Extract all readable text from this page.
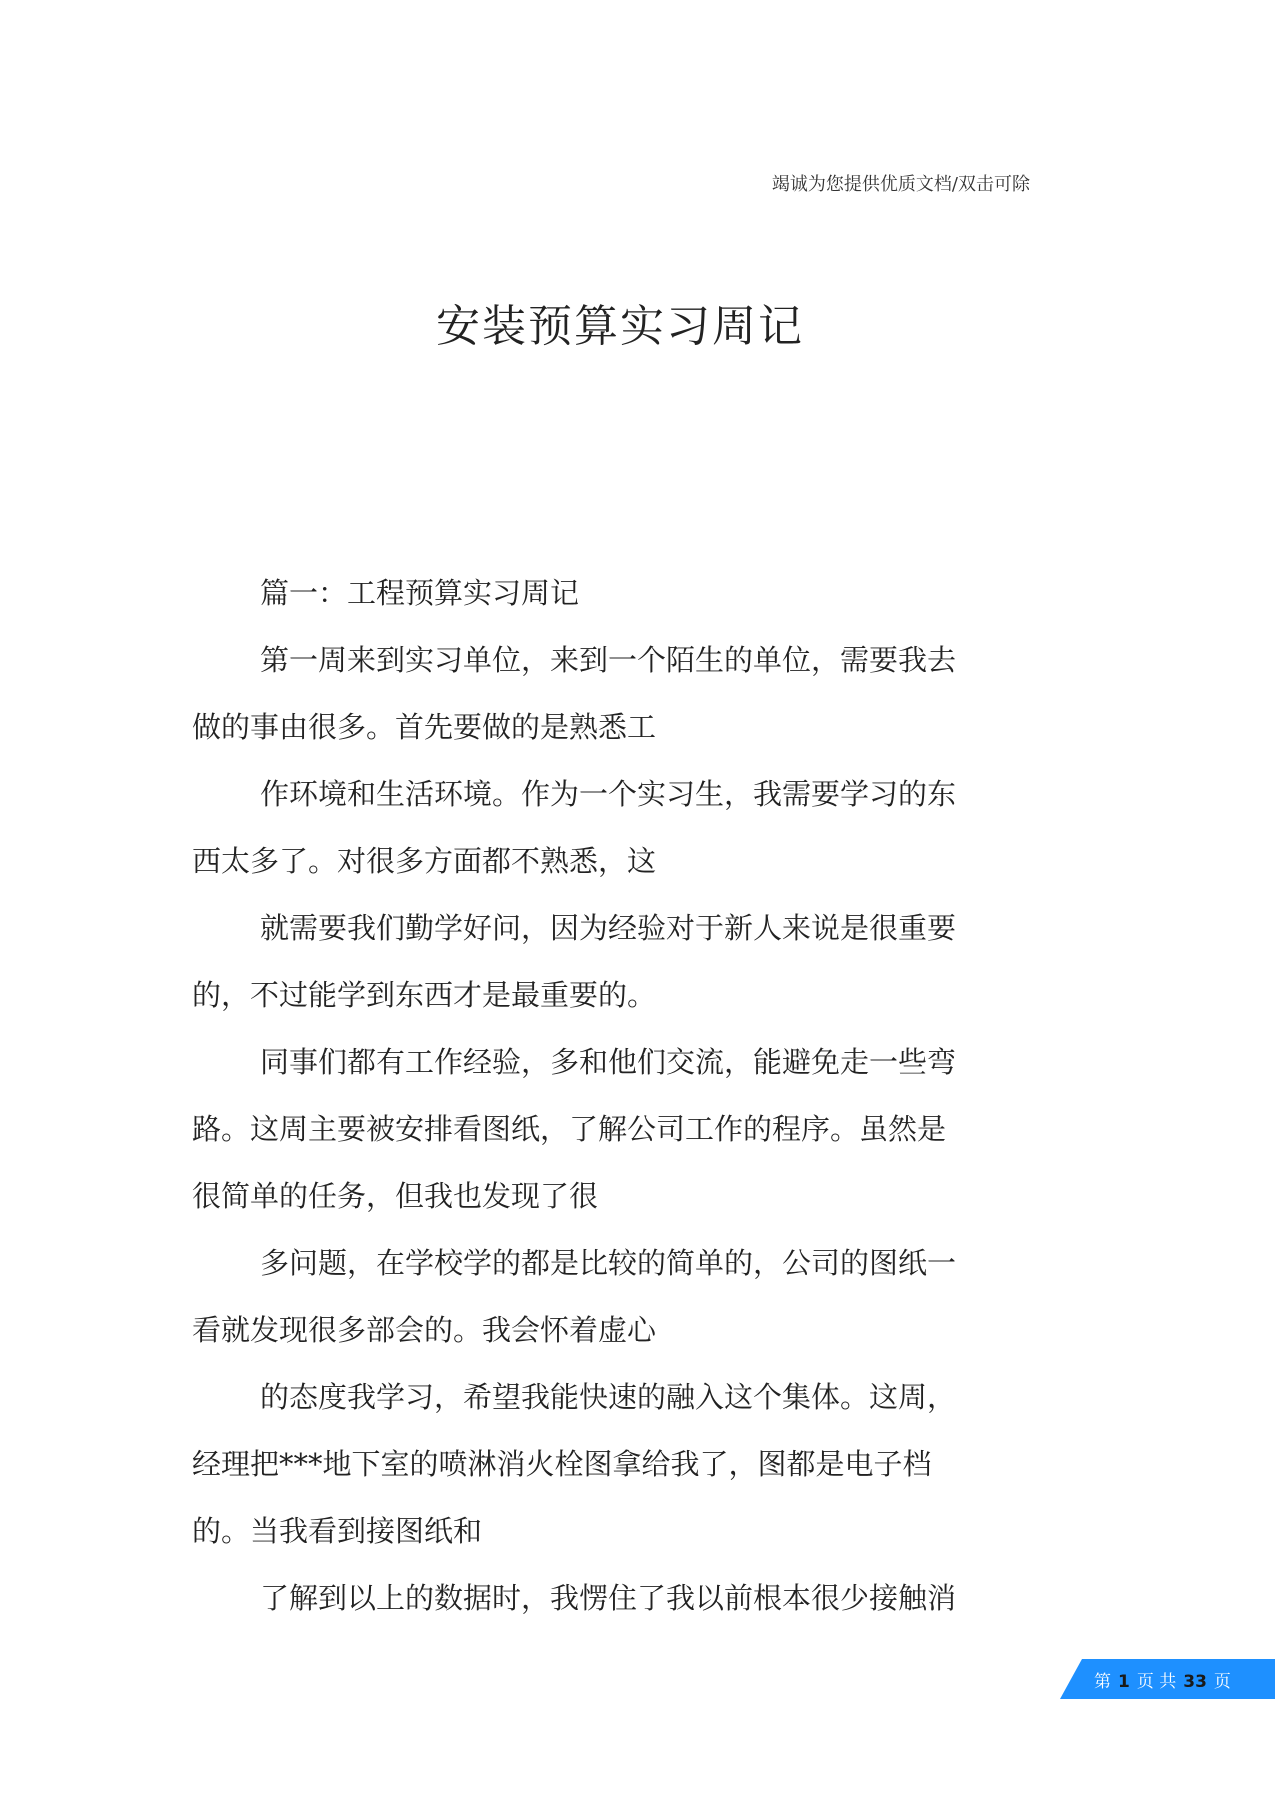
竭诚为您提供优质文档/双击可除
安装预算实习周记
篇一：工程预算实习周记
第一周来到实习单位，来到一个陌生的单位，需要我去
做的事由很多。首先要做的是熟悉工
作环境和生活环境。作为一个实习生，我需要学习的东
西太多了。对很多方面都不熟悉，这
就需要我们勤学好问，因为经验对于新人来说是很重要
的，不过能学到东西才是最重要的。
同事们都有工作经验，多和他们交流，能避免走一些弯
路。这周主要被安排看图纸，了解公司工作的程序。虽然是
很简单的任务，但我也发现了很
多问题，在学校学的都是比较的简单的，公司的图纸一
看就发现很多部会的。我会怀着虚心
的态度我学习，希望我能快速的融入这个集体。这周，
经理把***地下室的喷淋消火栓图拿给我了，图都是电子档
的。当我看到接图纸和
了解到以上的数据时，我愣住了我以前根本很少接触消
第 1 页 共 33 页
